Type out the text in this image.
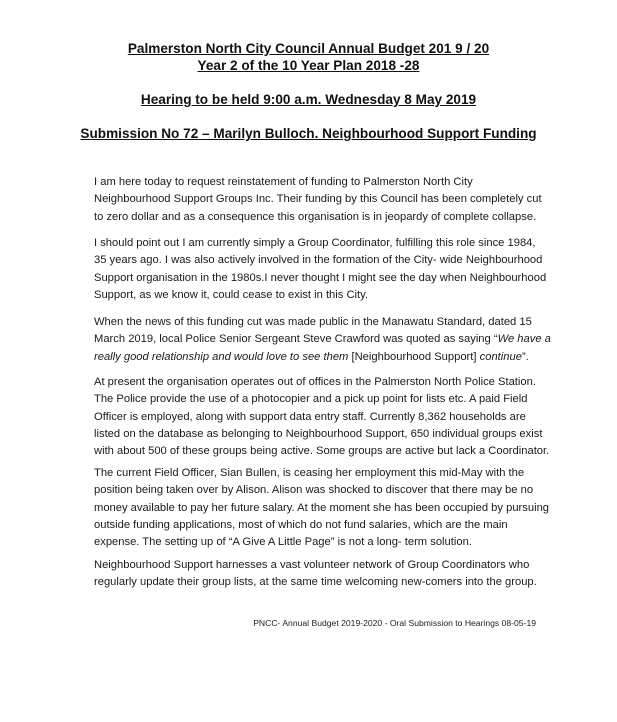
Palmerston North City Council Annual Budget 201 9 / 20
Year 2 of the 10 Year Plan 2018 -28
Hearing to be held 9:00 a.m. Wednesday 8 May 2019
Submission No 72 – Marilyn Bulloch. Neighbourhood Support Funding
I am here today to request reinstatement of funding to Palmerston North City
Neighbourhood Support Groups Inc. Their funding by this Council has been completely cut
to zero dollar and as a consequence this organisation is in jeopardy of complete collapse.
I should point out I am currently simply a Group Coordinator, fulfilling this role since 1984,
35 years ago. I was also actively involved in the formation of the City- wide Neighbourhood
Support organisation in the 1980s.I never thought I might see the day when Neighbourhood
Support, as we know it, could cease to exist in this City.
When the news of this funding cut was made public in the Manawatu Standard, dated 15
March 2019, local Police Senior Sergeant Steve Crawford was quoted as saying “We have a
really good relationship and would love to see them [Neighbourhood Support] continue”.
At present the organisation operates out of offices in the Palmerston North Police Station.
The Police provide the use of a photocopier and a pick up point for lists etc. A paid Field
Officer is employed, along with support data entry staff. Currently 8,362 households are
listed on the database as belonging to Neighbourhood Support, 650 individual groups exist
with about 500 of these groups being active. Some groups are active but lack a Coordinator.
The current Field Officer, Sian Bullen, is ceasing her employment this mid-May with the
position being taken over by Alison. Alison was shocked to discover that there may be no
money available to pay her future salary. At the moment she has been occupied by pursuing
outside funding applications, most of which do not fund salaries, which are the main
expense. The setting up of “A Give A Little Page” is not a long- term solution.
Neighbourhood Support harnesses a vast volunteer network of Group Coordinators who
regularly update their group lists, at the same time welcoming new-comers into the group.
PNCC- Annual Budget 2019-2020 - Oral Submission to Hearings 08-05-19
